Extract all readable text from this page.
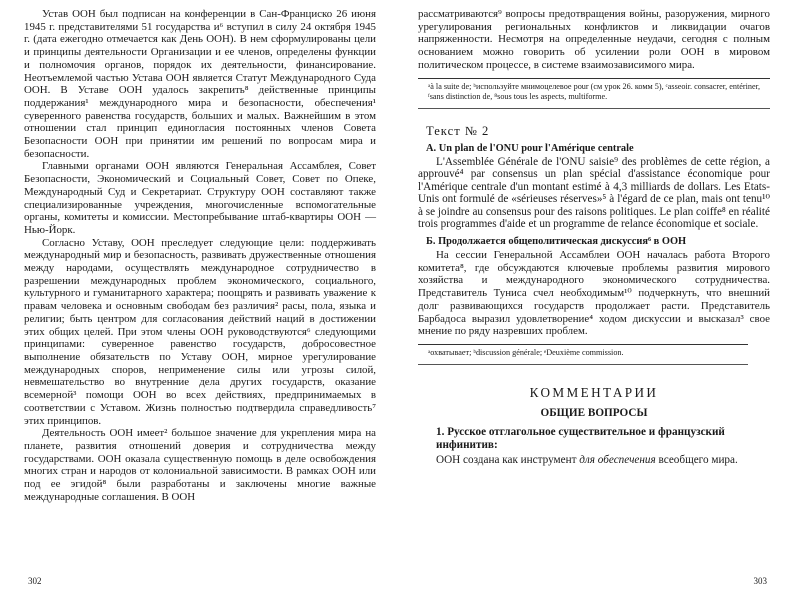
Устав ООН был подписан на конференции в Сан-Франциско 26 июня 1945 г. представителями 51 государства и⁶ вступил в силу 24 октября 1945 г. (дата ежегодно отмечается как День ООН). В нем сформулированы цели и принципы деятельности Организации и ее членов, определены функции и полномочия органов, порядок их деятельности, финансирование. Неотъемлемой частью Устава ООН является Статут Международного Суда ООН. В Уставе ООН удалось закрепить⁸ действенные принципы поддержания¹ международного мира и безопасности, обеспечения¹ суверенного равенства государств, больших и малых. Важнейшим в этом отношении стал принцип единогласия постоянных членов Совета Безопасности ООН при принятии им решений по вопросам мира и безопасности.

Главными органами ООН являются Генеральная Ассамблея, Совет Безопасности, Экономический и Социальный Совет, Совет по Опеке, Международный Суд и Секретариат. Структуру ООН составляют также специализированные учреждения, многочисленные вспомогательные органы, комитеты и комиссии. Местопребывание штаб-квартиры ООН — Нью-Йорк.

Согласно Уставу, ООН преследует следующие цели: поддерживать международный мир и безопасность, развивать дружественные отношения между народами, осуществлять международное сотрудничество в разрешении международных проблем экономического, социального, культурного и гуманитарного характера; поощрять и развивать уважение к правам человека и основным свободам без различия² расы, пола, языка и религии; быть центром для согласования действий наций в достижении этих общих целей. При этом члены ООН руководствуются⁶ следующими принципами: суверенное равенство государств, добросовестное выполнение обязательств по Уставу ООН, мирное урегулирование международных споров, неприменение силы или угрозы силой, невмешательство во внутренние дела других государств, оказание всемерной³ помощи ООН во всех действиях, предпринимаемых в соответствии с Уставом. Жизнь полностью подтвердила справедливость⁷ этих принципов.

Деятельность ООН имеет² большое значение для укрепления мира на планете, развития отношений доверия и сотрудничества между государствами. ООН оказала существенную помощь в деле освобождения многих стран и народов от колониальной зависимости. В рамках ООН или под ее эгидой⁸ были разработаны и заключены многие важные международные соглашения. В ООН

302

рассматриваются⁹ вопросы предотвращения войны, разоружения, мирного урегулирования региональных конфликтов и ликвидации очагов напряженности. Несмотря на определенные неудачи, сегодня с полным основанием можно говорить об усилении роли ООН в мировом политическом процессе, в системе взаимозависимого мира.

ᵃà la suite de; ᵇиспользуйте мнимоцелевое pour (см урок 26. комм 5), ᶜasseoir. consacrer, entériner, ᶠsans distinction de, ⁸sous tous les aspects, multiforme.

Текст № 2
A. Un plan de l'ONU pour l'Amérique centrale

L'Assemblée Générale de l'ONU saisie⁹ des problèmes de cette région, a approuvé⁴ par consensus un plan spécial d'assistance économique pour l'Amérique centrale d'un montant estimé à 4,3 milliards de dollars. Les Etats-Unis ont formulé de «sérieuses réserves»⁵ à l'égard de ce plan, mais ont tenu¹⁰ à se joindre au consensus pour des raisons politiques. Le plan coiffe⁸ en réalité trois programmes d'aide et un programme de relance économique et sociale.

Б. Продолжается общеполитическая дискуссия⁶ в ООН

На сессии Генеральной Ассамблеи ООН началась работа Второго комитета⁸, где обсуждаются ключевые проблемы развития мирового хозяйства и международного экономического сотрудничества. Представитель Туниса счел необходимым¹⁰ подчеркнуть, что внешний долг развивающихся государств продолжает расти. Представитель Барбадоса выразил удовлетворение⁴ ходом дискуссии и высказал³ свое мнение по ряду назревших проблем.

ᵃохватывает; ᵇdiscussion générale; ᵉDeuxième commission.

КОММЕНТАРИИ
ОБЩИЕ ВОПРОСЫ

1. Русское отглагольное существительное и французский инфинитив:

ООН создана как инструмент для обеспечения всеобщего мира.

303
